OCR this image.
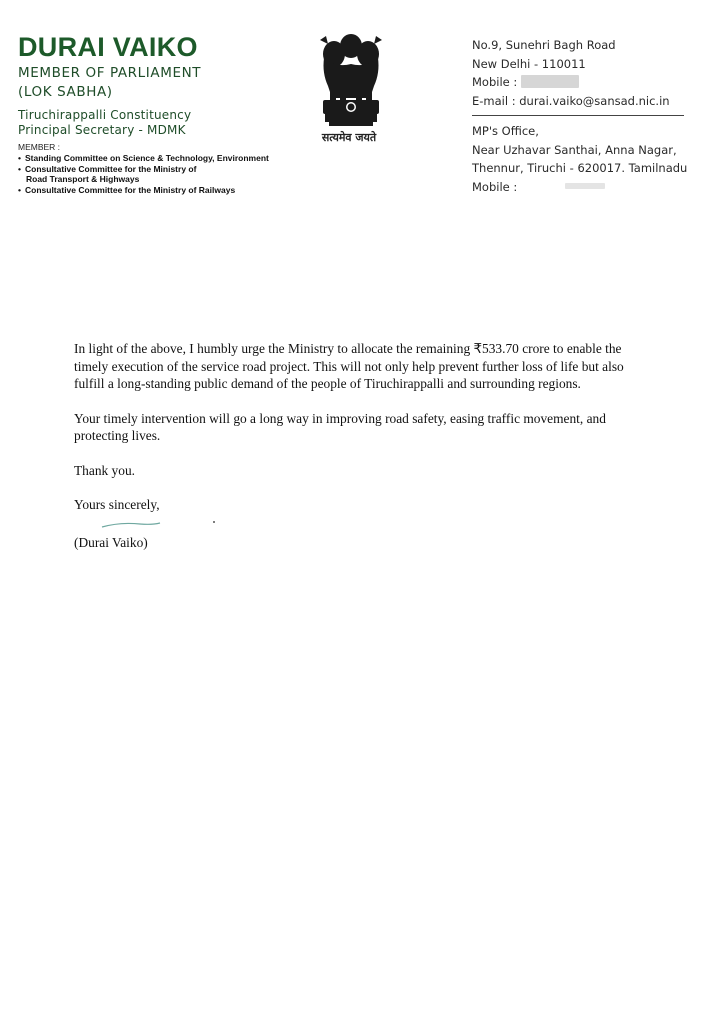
DURAI VAIKO
MEMBER OF PARLIAMENT
(LOK SABHA)
Tiruchirappalli Constituency
Principal Secretary - MDMK
MEMBER :
• Standing Committee on Science & Technology, Environment
• Consultative Committee for the Ministry of
Road Transport & Highways
• Consultative Committee for the Ministry of Railways
सत्यमेव जयते
No.9, Sunehri Bagh Road
New Delhi - 110011
Mobile :
E-mail : durai.vaiko@sansad.nic.in
MP's Office,
Near Uzhavar Santhai, Anna Nagar,
Thennur, Tiruchi - 620017. Tamilnadu
Mobile :

In light of the above, I humbly urge the Ministry to allocate the remaining ₹533.70 crore to enable the timely execution of the service road project. This will not only help prevent further loss of life but also fulfill a long-standing public demand of the people of Tiruchirappalli and surrounding regions.

Your timely intervention will go a long way in improving road safety, easing traffic movement, and protecting lives.

Thank you.

Yours sincerely,

(Durai Vaiko)
